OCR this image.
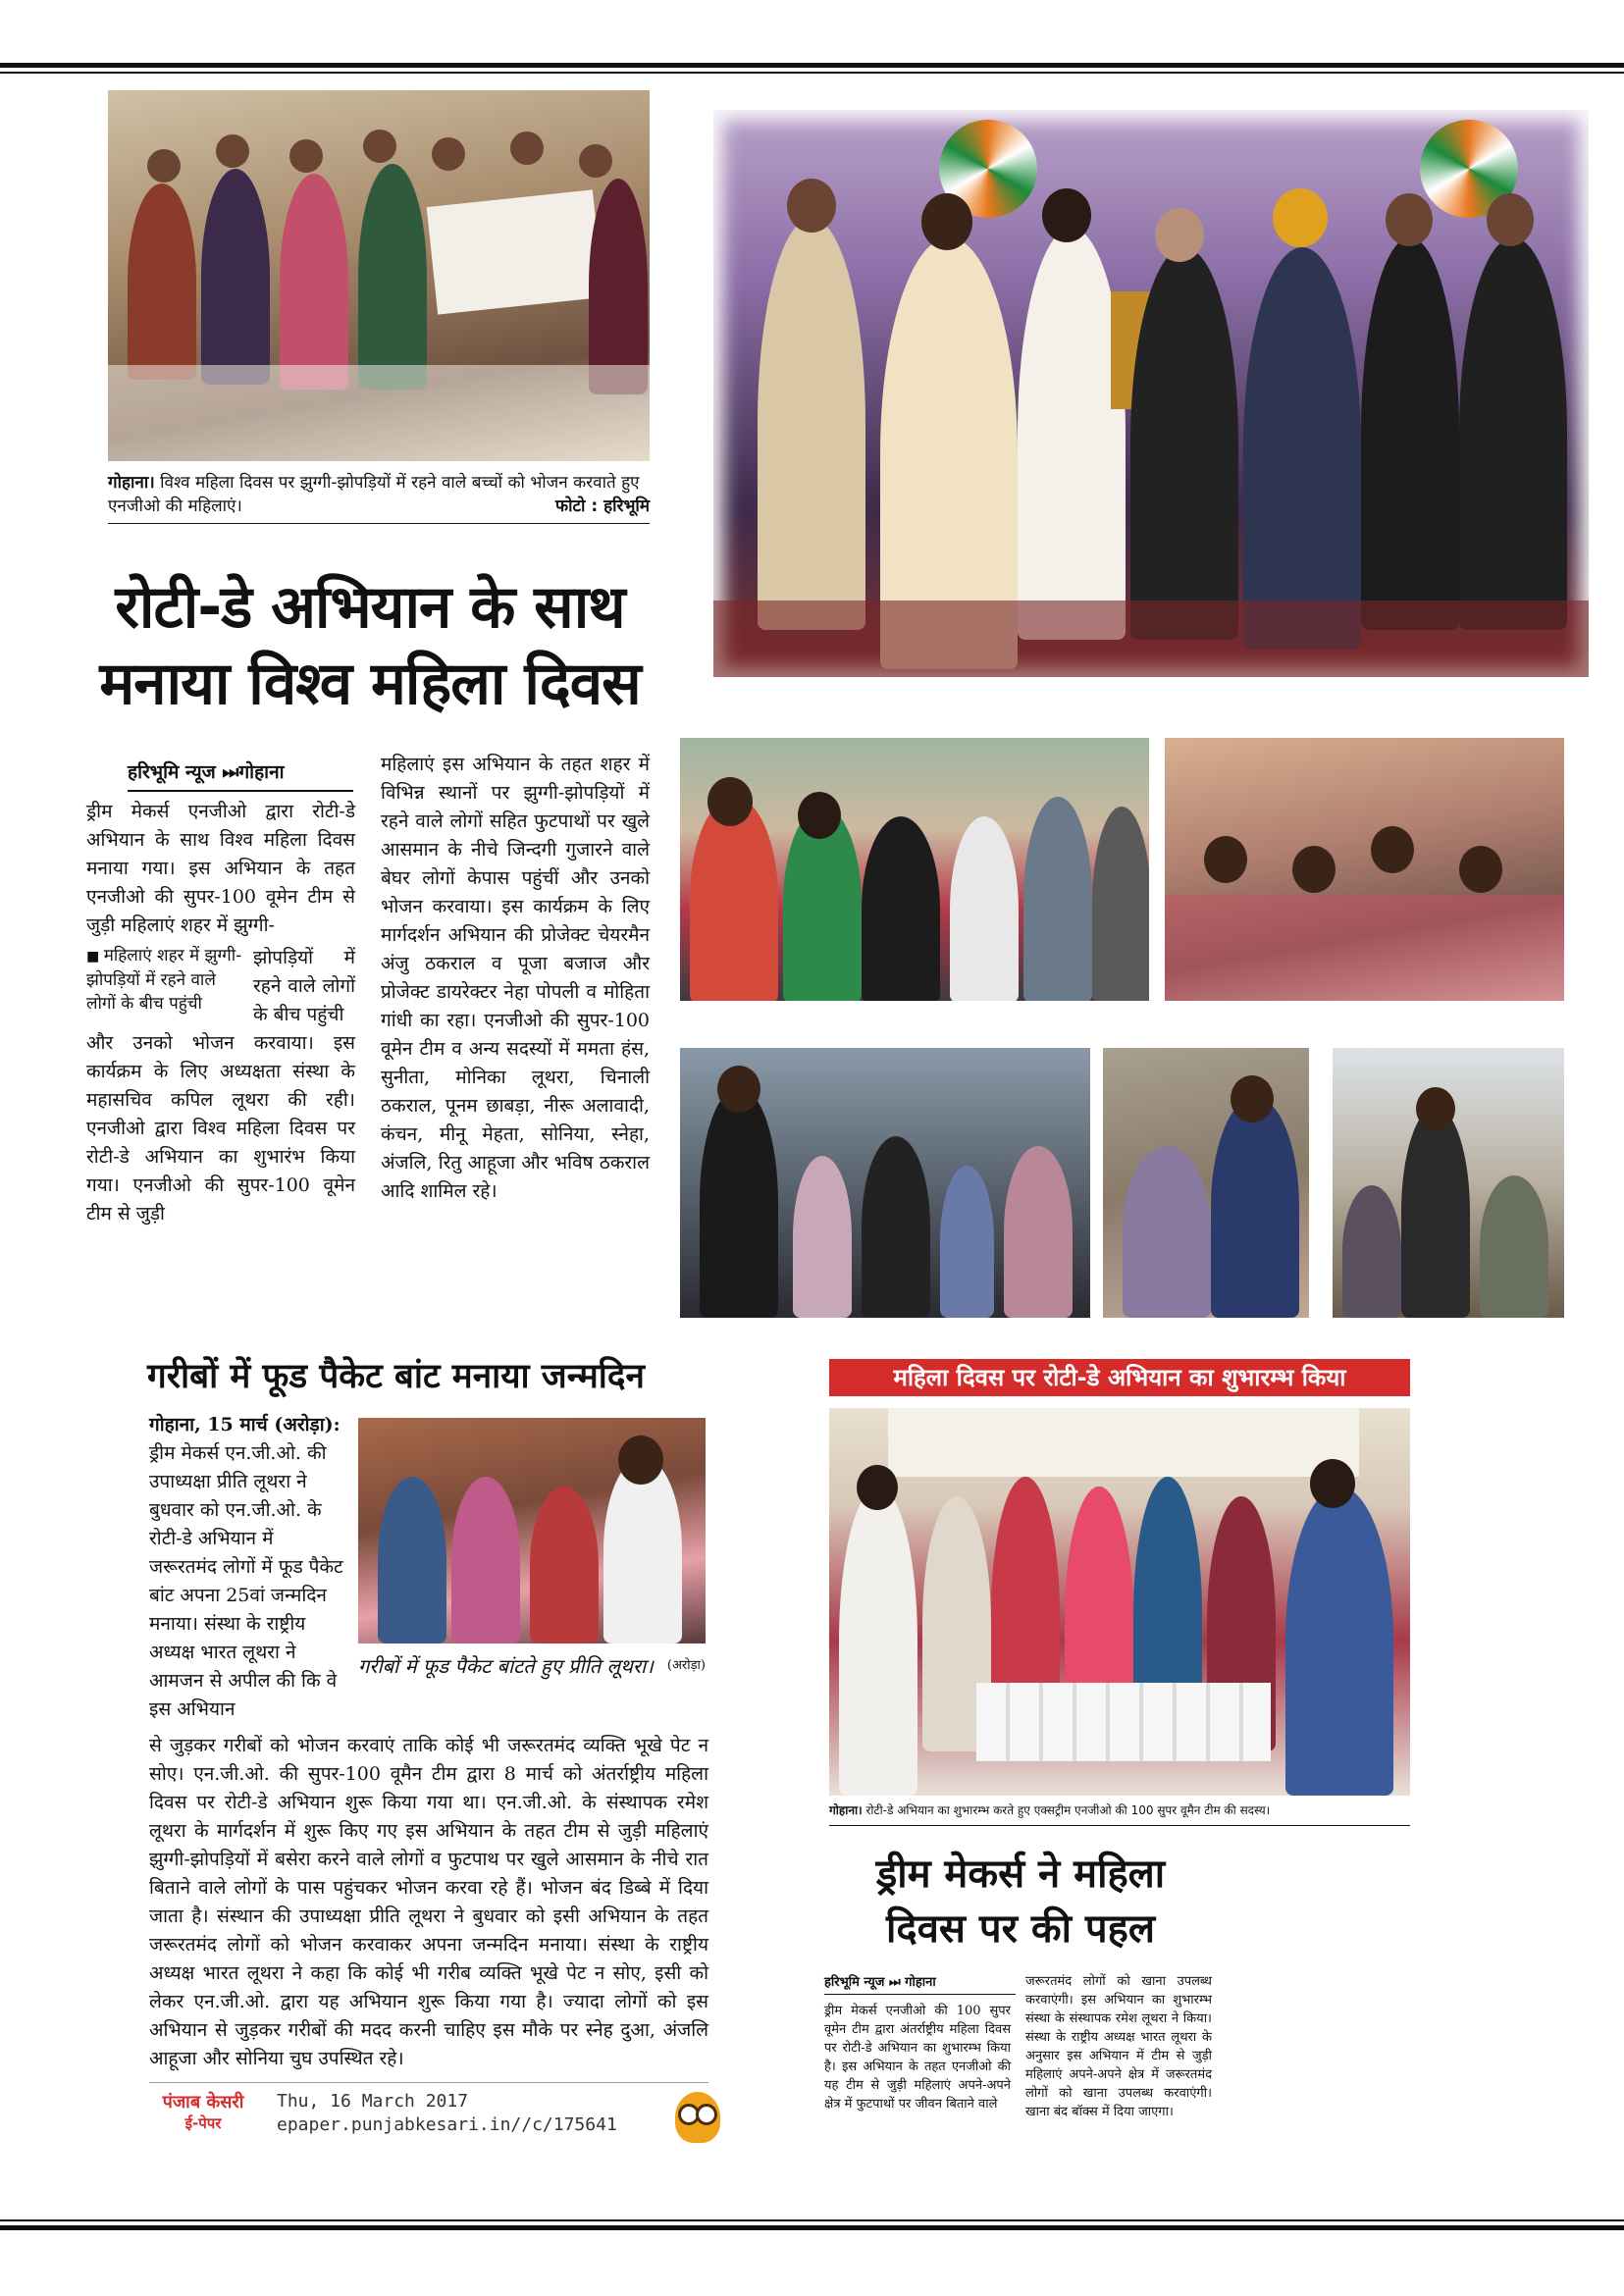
गोहाना। विश्व महिला दिवस पर झुग्गी-झोपड़ियों में रहने वाले बच्चों को भोजन करवाते हुए एनजीओ की महिलाएं।	फोटो : हरिभूमि
रोटी-डे अभियान के साथ
मनाया विश्व महिला दिवस
हरिभूमि न्यूज ⏭गोहाना
ड्रीम मेकर्स एनजीओ द्वारा रोटी-डे अभियान के साथ विश्व महिला दिवस मनाया गया। इस अभियान के तहत एनजीओ की सुपर-100 वूमेन टीम से जुड़ी महिलाएं शहर में झुग्गी-
■ महिलाएं शहर में झुग्गी-झोपड़ियों में रहने वाले लोगों के बीच पहुंची
झोपड़ियों में रहने वाले लोगों के बीच पहुंची
और उनको भोजन करवाया। इस कार्यक्रम के लिए अध्यक्षता संस्था के महासचिव कपिल लूथरा की रही। एनजीओ द्वारा विश्व महिला दिवस पर रोटी-डे अभियान का शुभारंभ किया गया। एनजीओ की सुपर-100 वूमेन टीम से जुड़ी
महिलाएं इस अभियान के तहत शहर में विभिन्न स्थानों पर झुग्गी-झोपड़ियों में रहने वाले लोगों सहित फुटपाथों पर खुले आसमान के नीचे जिन्दगी गुजारने वाले बेघर लोगों केपास पहुंचीं और उनको भोजन करवाया। इस कार्यक्रम के लिए मार्गदर्शन अभियान की प्रोजेक्ट चेयरमैन अंजु ठकराल व पूजा बजाज और प्रोजेक्ट डायरेक्टर नेहा पोपली व मोहिता गांधी का रहा। एनजीओ की सुपर-100 वूमेन टीम व अन्य सदस्यों में ममता हंस, सुनीता, मोनिका लूथरा, चिनाली ठकराल, पूनम छाबड़ा, नीरू अलावादी, कंचन, मीनू मेहता, सोनिया, स्नेहा, अंजलि, रितु आहूजा और भविष ठकराल आदि शामिल रहे।
गरीबों में फूड पैकेट बांट मनाया जन्मदिन
गोहाना, 15 मार्च (अरोड़ा): ड्रीम मेकर्स एन.जी.ओ. की उपाध्यक्षा प्रीति लूथरा ने बुधवार को एन.जी.ओ. के रोटी-डे अभियान में जरूरतमंद लोगों में फूड पैकेट बांट अपना 25वां जन्मदिन मनाया। संस्था के राष्ट्रीय अध्यक्ष भारत लूथरा ने आमजन से अपील की कि वे इस अभियान
गरीबों में फूड पैकेट बांटते हुए प्रीति लूथरा। (अरोड़ा)
से जुड़कर गरीबों को भोजन करवाएं ताकि कोई भी जरूरतमंद व्यक्ति भूखे पेट न सोए। एन.जी.ओ. की सुपर-100 वूमैन टीम द्वारा 8 मार्च को अंतर्राष्ट्रीय महिला दिवस पर रोटी-डे अभियान शुरू किया गया था। एन.जी.ओ. के संस्थापक रमेश लूथरा के मार्गदर्शन में शुरू किए गए इस अभियान के तहत टीम से जुड़ी महिलाएं झुग्गी-झोपड़ियों में बसेरा करने वाले लोगों व फुटपाथ पर खुले आसमान के नीचे रात बिताने वाले लोगों के पास पहुंचकर भोजन करवा रहे हैं। भोजन बंद डिब्बे में दिया जाता है। संस्थान की उपाध्यक्षा प्रीति लूथरा ने बुधवार को इसी अभियान के तहत जरूरतमंद लोगों को भोजन करवाकर अपना जन्मदिन मनाया। संस्था के राष्ट्रीय अध्यक्ष भारत लूथरा ने कहा कि कोई भी गरीब व्यक्ति भूखे पेट न सोए, इसी को लेकर एन.जी.ओ. द्वारा यह अभियान शुरू किया गया है। ज्यादा लोगों को इस अभियान से जुड़कर गरीबों की मदद करनी चाहिए इस मौके पर स्नेह दुआ, अंजलि आहूजा और सोनिया चुघ उपस्थित रहे।
पंजाब केसरी
ई-पेपर
Thu, 16 March 2017
epaper.punjabkesari.in//c/175641
महिला दिवस पर रोटी-डे अभियान का शुभारम्भ किया
गोहाना। रोटी-डे अभियान का शुभारम्भ करते हुए एक्सट्रीम एनजीओ की 100 सुपर वूमैन टीम की सदस्य।
ड्रीम मेकर्स ने महिला
दिवस पर की पहल
हरिभूमि न्यूज ⏭ गोहाना
ड्रीम मेकर्स एनजीओ की 100 सुपर वूमेन टीम द्वारा अंतर्राष्ट्रीय महिला दिवस पर रोटी-डे अभियान का शुभारम्भ किया है। इस अभियान के तहत एनजीओ की यह टीम से जुड़ी महिलाएं अपने-अपने क्षेत्र में फुटपाथों पर जीवन बिताने वाले
जरूरतमंद लोगों को खाना उपलब्ध करवाएंगी। इस अभियान का शुभारम्भ संस्था के संस्थापक रमेश लूथरा ने किया। संस्था के राष्ट्रीय अध्यक्ष भारत लूथरा के अनुसार इस अभियान में टीम से जुड़ी महिलाएं अपने-अपने क्षेत्र में जरूरतमंद लोगों को खाना उपलब्ध करवाएंगी। खाना बंद बॉक्स में दिया जाएगा।
